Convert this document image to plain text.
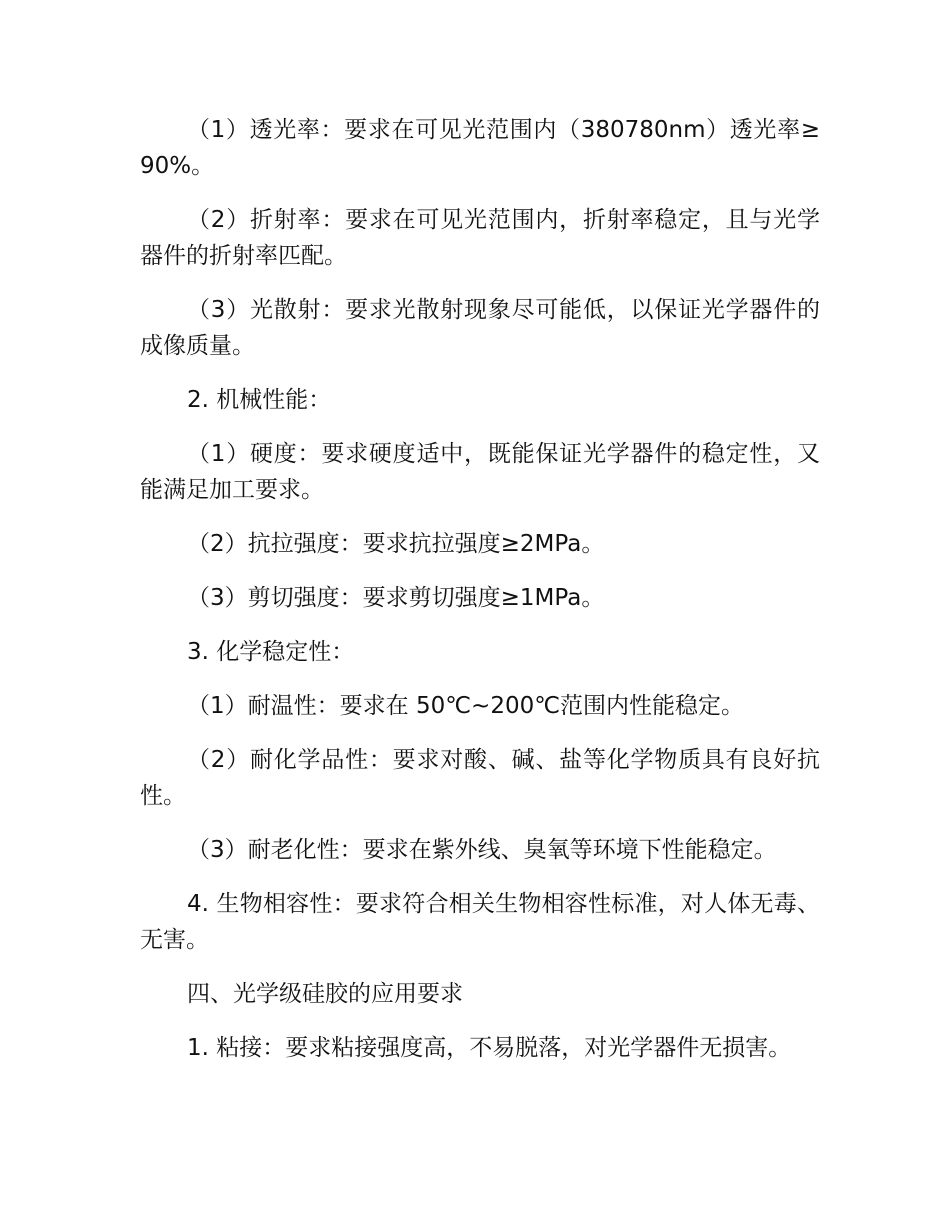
（1）透光率：要求在可见光范围内（380780nm）透光率≥90%。

（2）折射率：要求在可见光范围内，折射率稳定，且与光学器件的折射率匹配。

（3）光散射：要求光散射现象尽可能低，以保证光学器件的成像质量。

2. 机械性能：

（1）硬度：要求硬度适中，既能保证光学器件的稳定性，又能满足加工要求。

（2）抗拉强度：要求抗拉强度≥2MPa。

（3）剪切强度：要求剪切强度≥1MPa。

3. 化学稳定性：

（1）耐温性：要求在 50℃~200℃范围内性能稳定。

（2）耐化学品性：要求对酸、碱、盐等化学物质具有良好抗性。

（3）耐老化性：要求在紫外线、臭氧等环境下性能稳定。

4. 生物相容性：要求符合相关生物相容性标准，对人体无毒、无害。

四、光学级硅胶的应用要求

1. 粘接：要求粘接强度高，不易脱落，对光学器件无损害。
